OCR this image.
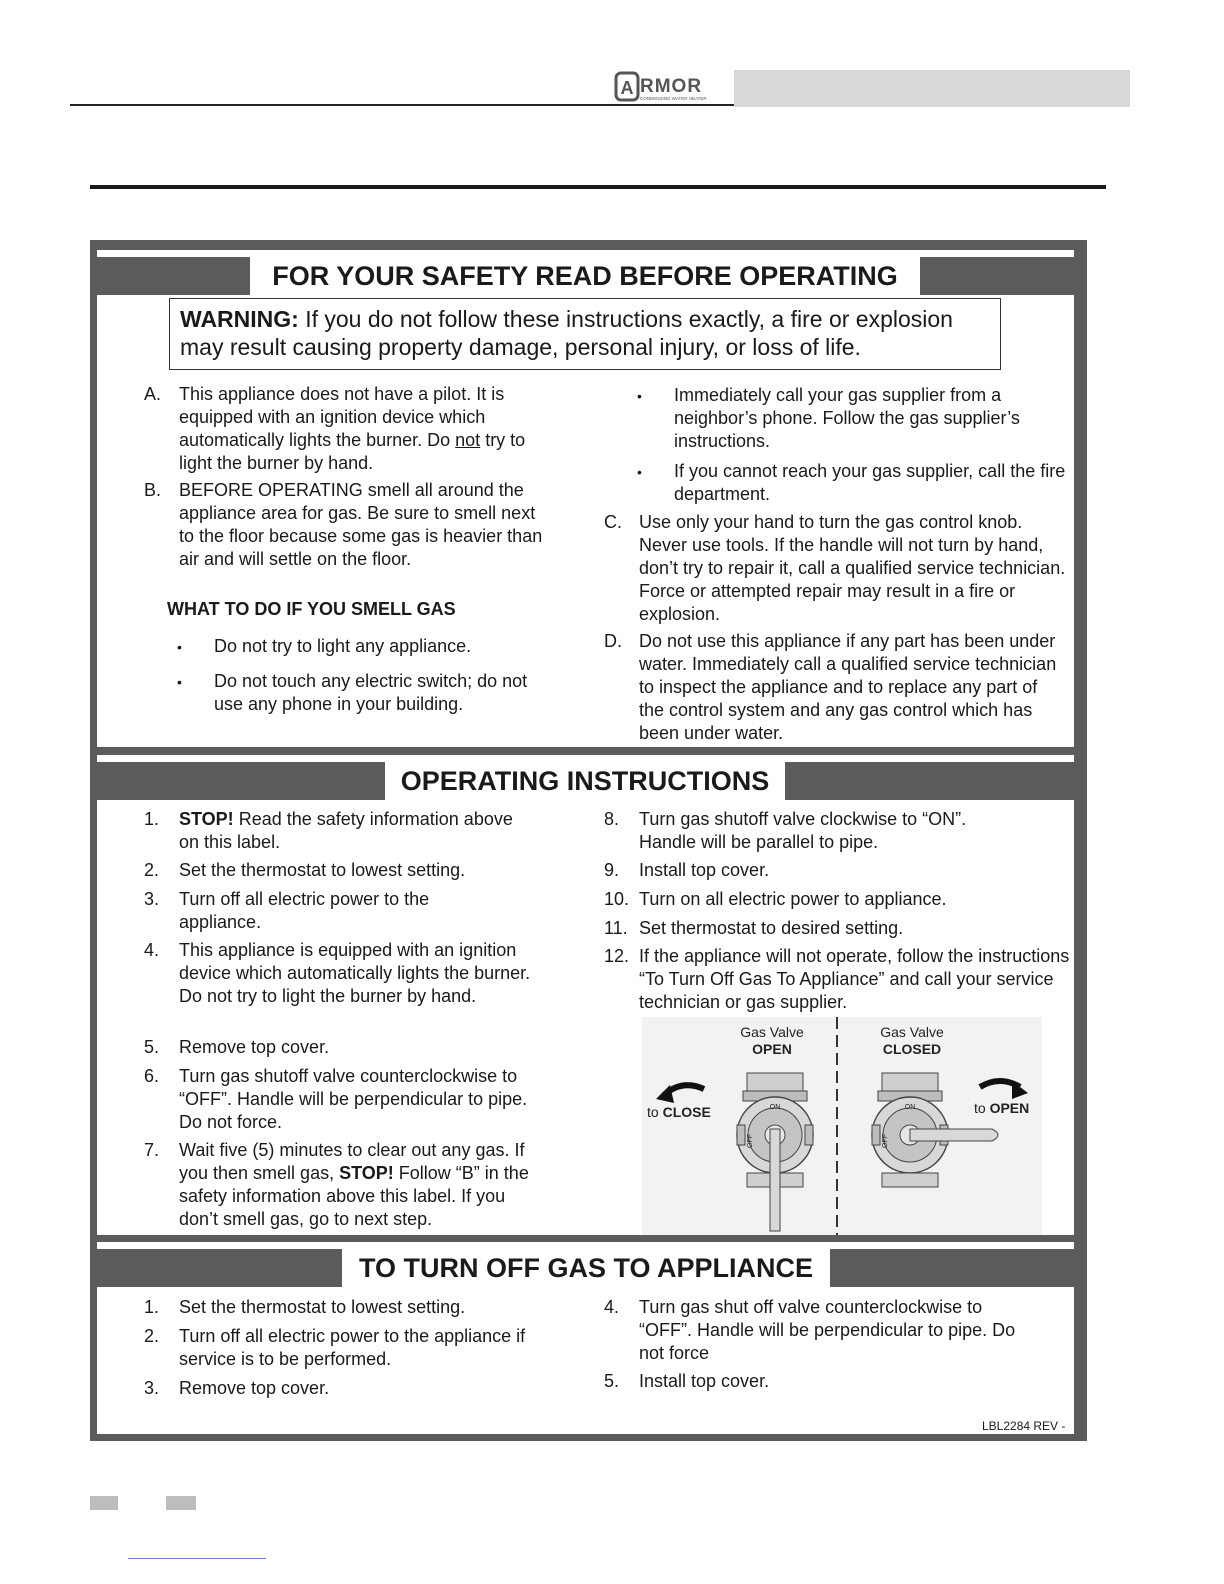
A RMOR
CONDENSING WATER HEATER
FOR YOUR SAFETY READ BEFORE OPERATING
WARNING: If you do not follow these instructions exactly, a fire or explosion may result causing property damage, personal injury, or loss of life.
A. This appliance does not have a pilot. It is equipped with an ignition device which automatically lights the burner. Do not try to light the burner by hand.
B. BEFORE OPERATING smell all around the appliance area for gas. Be sure to smell next to the floor because some gas is heavier than air and will settle on the floor.
WHAT TO DO IF YOU SMELL GAS
• Do not try to light any appliance.
• Do not touch any electric switch; do not use any phone in your building.
• Immediately call your gas supplier from a neighbor’s phone. Follow the gas supplier’s instructions.
• If you cannot reach your gas supplier, call the fire department.
C. Use only your hand to turn the gas control knob. Never use tools. If the handle will not turn by hand, don’t try to repair it, call a qualified service technician. Force or attempted repair may result in a fire or explosion.
D. Do not use this appliance if any part has been under water. Immediately call a qualified service technician to inspect the appliance and to replace any part of the control system and any gas control which has been under water.
OPERATING INSTRUCTIONS
1. STOP! Read the safety information above on this label.
2. Set the thermostat to lowest setting.
3. Turn off all electric power to the appliance.
4. This appliance is equipped with an ignition device which automatically lights the burner. Do not try to light the burner by hand.
5. Remove top cover.
6. Turn gas shutoff valve counterclockwise to “OFF”. Handle will be perpendicular to pipe. Do not force.
7. Wait five (5) minutes to clear out any gas. If you then smell gas, STOP! Follow “B” in the safety information above this label. If you don’t smell gas, go to next step.
8. Turn gas shutoff valve clockwise to “ON”. Handle will be parallel to pipe.
9. Install top cover.
10. Turn on all electric power to appliance.
11. Set thermostat to desired setting.
12. If the appliance will not operate, follow the instructions “To Turn Off Gas To Appliance” and call your service technician or gas supplier.
Gas Valve
OPEN
Gas Valve
CLOSED
to CLOSE	to OPEN
ON
OFF
ON
OFF
TO TURN OFF GAS TO APPLIANCE
1. Set the thermostat to lowest setting.
2. Turn off all electric power to the appliance if service is to be performed.
3. Remove top cover.
4. Turn gas shut off valve counterclockwise to “OFF”. Handle will be perpendicular to pipe. Do not force
5. Install top cover.
LBL2284 REV -
